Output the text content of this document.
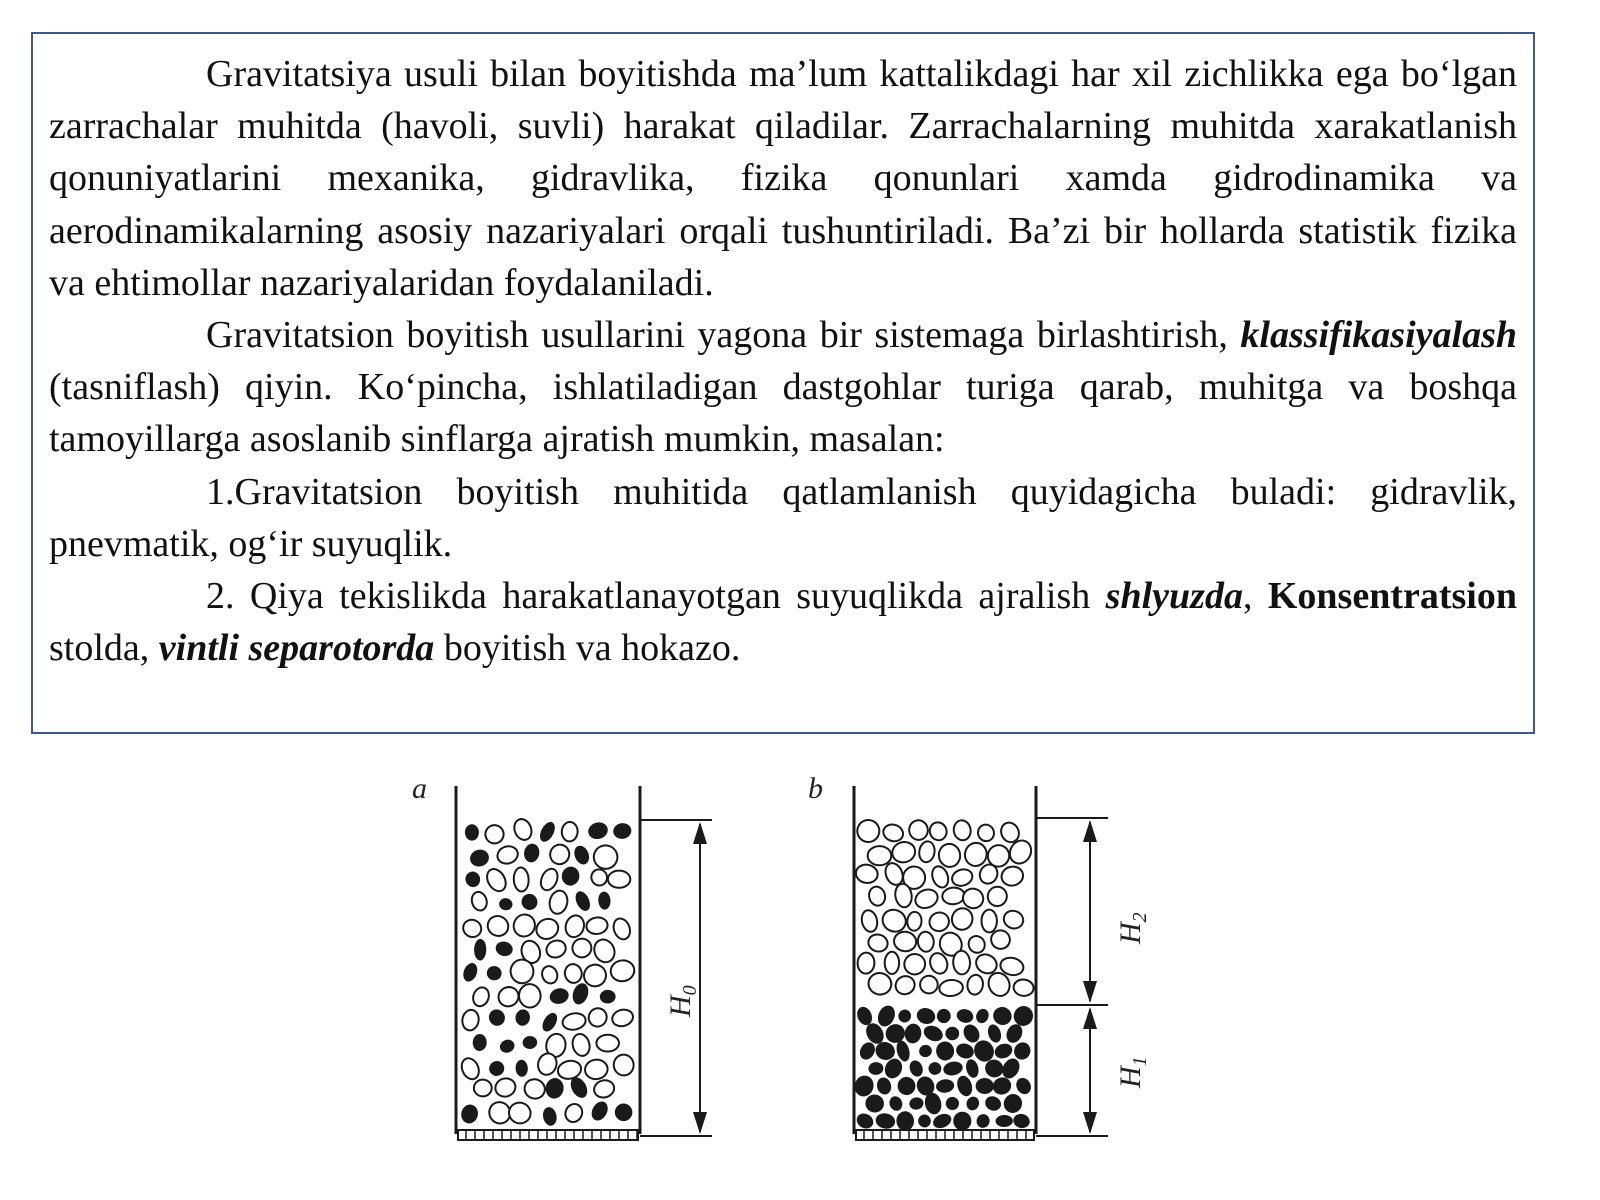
Gravitatsiya usuli bilan boyitishda ma’lum kattalikdagi har xil zichlikka ega bo‘lgan zarrachalar muhitda (havoli, suvli) harakat qiladilar. Zarrachalarning muhitda xarakatlanish qonuniyatlarini mexanika, gidravlika, fizika qonunlari xamda gidrodinamika va aerodinamikalarning asosiy nazariyalari orqali tushuntiriladi. Ba’zi bir hollarda statistik fizika va ehtimollar nazariyalaridan foydalaniladi.

Gravitatsion boyitish usullarini yagona bir sistemaga birlashtirish, klassifikasiyalash (tasniflash) qiyin. Ko‘pincha, ishlatiladigan dastgohlar turiga qarab, muhitga va boshqa tamoyillarga asoslanib sinflarga ajratish mumkin, masalan:

1.Gravitatsion boyitish muhitida qatlamlanish quyidagicha buladi: gidravlik, pnevmatik, og‘ir suyuqlik.

2. Qiya tekislikda harakatlanayotgan suyuqlikda ajralish shlyuzda, Konsentratsion stolda, vintli separotorda boyitish va hokazo.

a
$H_0$
b
$H_2$
$H_1$
